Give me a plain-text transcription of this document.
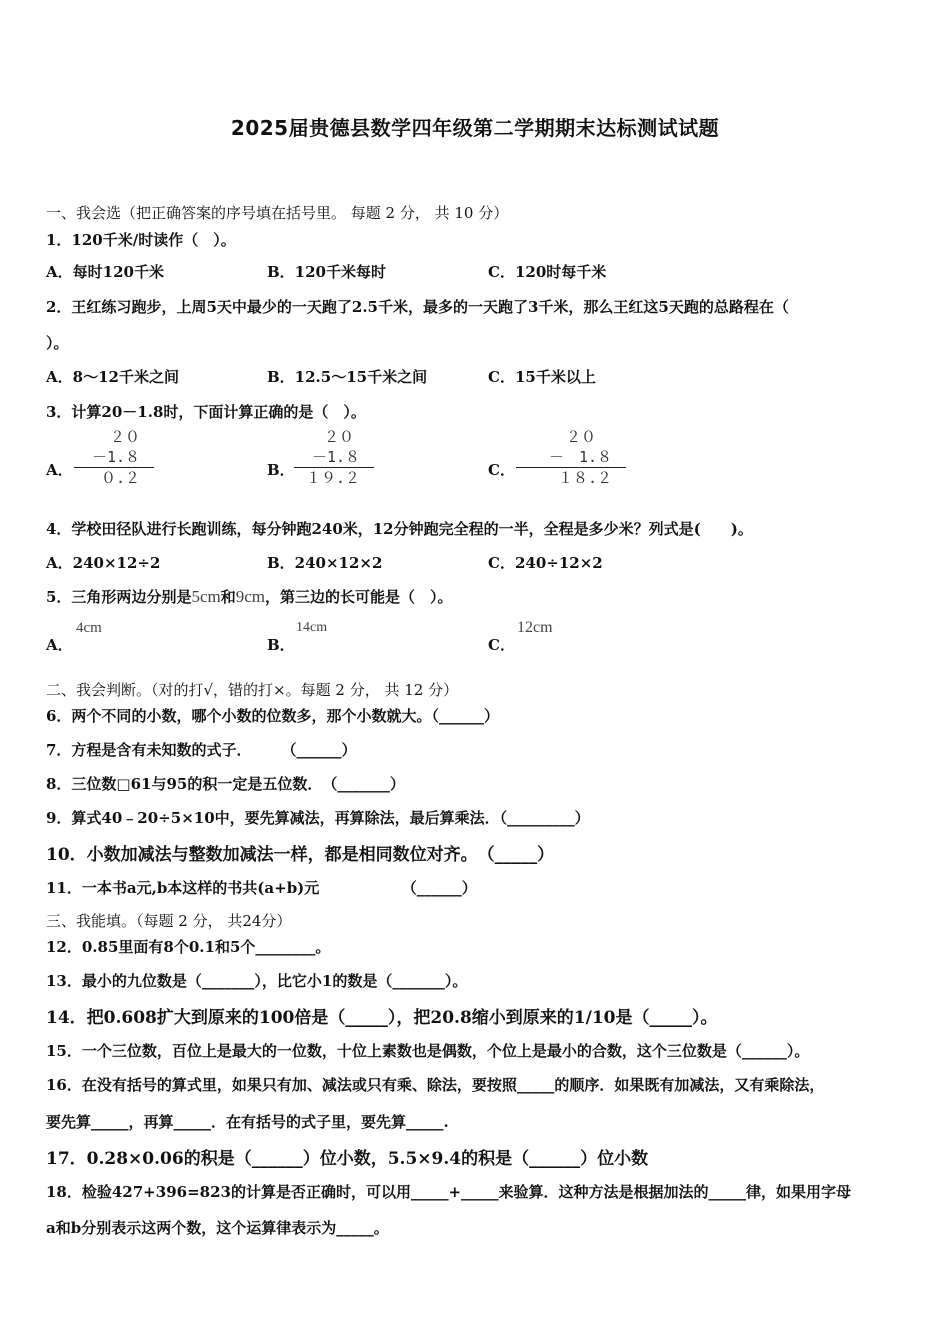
2025届贵德县数学四年级第二学期期末达标测试试题
一、我会选（把正确答案的序号填在括号里。 每题 2 分， 共 10 分）
1．120千米/时读作（　）。
A．每时120千米	B．120千米每时	C．120时每千米
2．王红练习跑步，上周5天中最少的一天跑了2.5千米，最多的一天跑了3千米，那么王红这5天跑的总路程在（
）。
A．8～12千米之间	B．12.5～15千米之间	C．15千米以上
3．计算20－1.8时，下面计算正确的是（　）。
A．
２０
－1.８
０.２	B．
２０
－1.８
１９.２	C．
２０
－　1.８
１８.２
4．学校田径队进行长跑训练，每分钟跑240米，12分钟跑完全程的一半，全程是多少米？列式是(　　)。
A．240×12÷2	B．240×12×2	C．240÷12×2
5．三角形两边分别是5cm和9cm，第三边的长可能是（　）。
A．
4cm
B．
14cm
C．
12cm
二、我会判断。（对的打√，错的打×。每题 2 分， 共 12 分）
6．两个不同的小数，哪个小数的位数多，那个小数就大。（______）
7．方程是含有未知数的式子．　　　（______）
8．三位数□61与95的积一定是五位数．　（_______）
9．算式40﹣20÷5×10中，要先算减法，再算除法，最后算乘法．（_________）
10．小数加减法与整数加减法一样，都是相同数位对齐。　（_____）
11．一本书a元,b本这样的书共(a+b)元　　　　　　（______）
三、我能填。（每题 2 分， 共24分）
12．0.85里面有8个0.1和5个________。
13．最小的九位数是（_______），比它小1的数是（_______）。
14．把0.608扩大到原来的100倍是（_____），把20.8缩小到原来的1/10是（_____）。
15．一个三位数，百位上是最大的一位数，十位上素数也是偶数，个位上是最小的合数，这个三位数是（______）。
16．在没有括号的算式里，如果只有加、减法或只有乘、除法，要按照_____的顺序．如果既有加减法，又有乘除法，
要先算_____，再算_____．在有括号的式子里，要先算_____.
17．0.28×0.06的积是（______）位小数，5.5×9.4的积是（______）位小数
18．检验427+396=823的计算是否正确时，可以用_____+_____来验算．这种方法是根据加法的_____律，如果用字母
a和b分别表示这两个数，这个运算律表示为_____。
